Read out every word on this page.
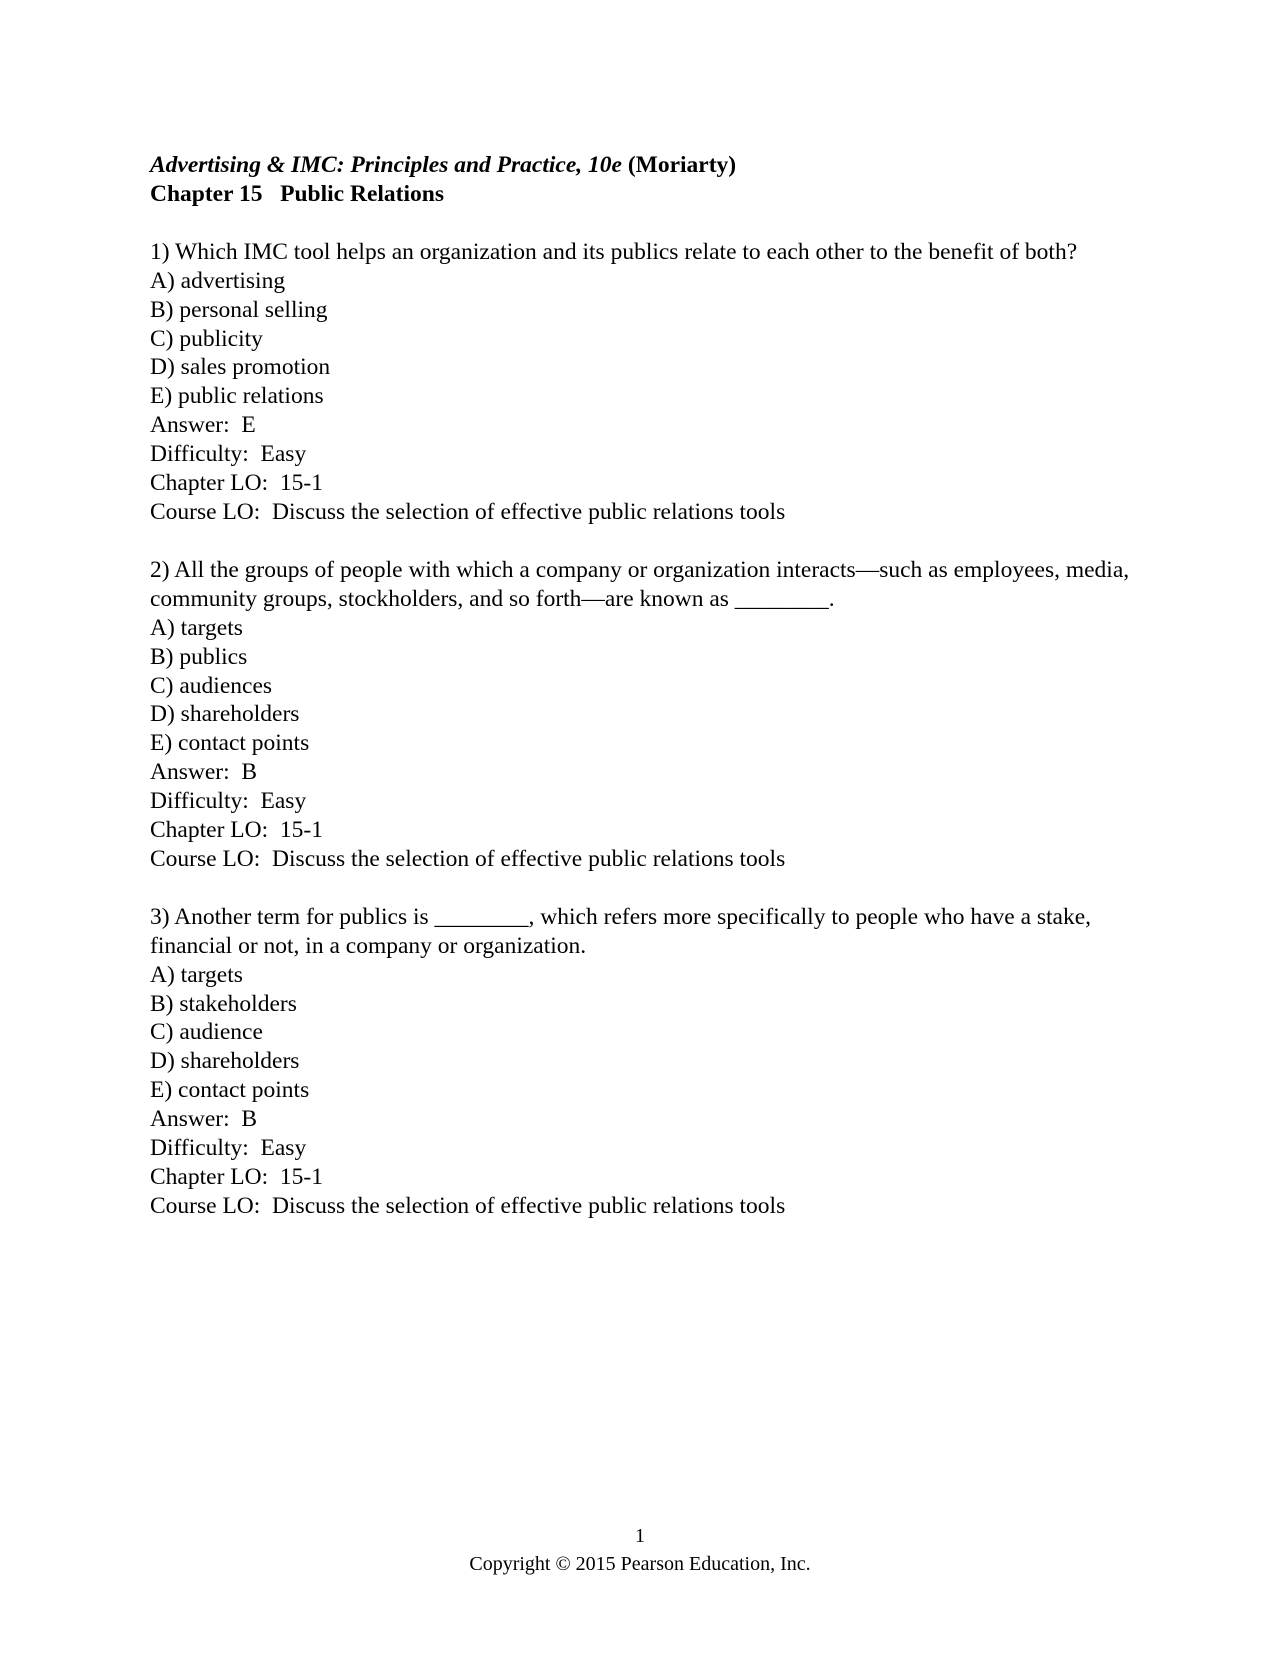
Advertising & IMC: Principles and Practice, 10e (Moriarty)
Chapter 15   Public Relations
1) Which IMC tool helps an organization and its publics relate to each other to the benefit of both?
A) advertising
B) personal selling
C) publicity
D) sales promotion
E) public relations
Answer:  E
Difficulty:  Easy
Chapter LO:  15-1
Course LO:  Discuss the selection of effective public relations tools
2) All the groups of people with which a company or organization interacts—such as employees, media, community groups, stockholders, and so forth—are known as ________.
A) targets
B) publics
C) audiences
D) shareholders
E) contact points
Answer:  B
Difficulty:  Easy
Chapter LO:  15-1
Course LO:  Discuss the selection of effective public relations tools
3) Another term for publics is ________, which refers more specifically to people who have a stake, financial or not, in a company or organization.
A) targets
B) stakeholders
C) audience
D) shareholders
E) contact points
Answer:  B
Difficulty:  Easy
Chapter LO:  15-1
Course LO:  Discuss the selection of effective public relations tools
1
Copyright © 2015 Pearson Education, Inc.
